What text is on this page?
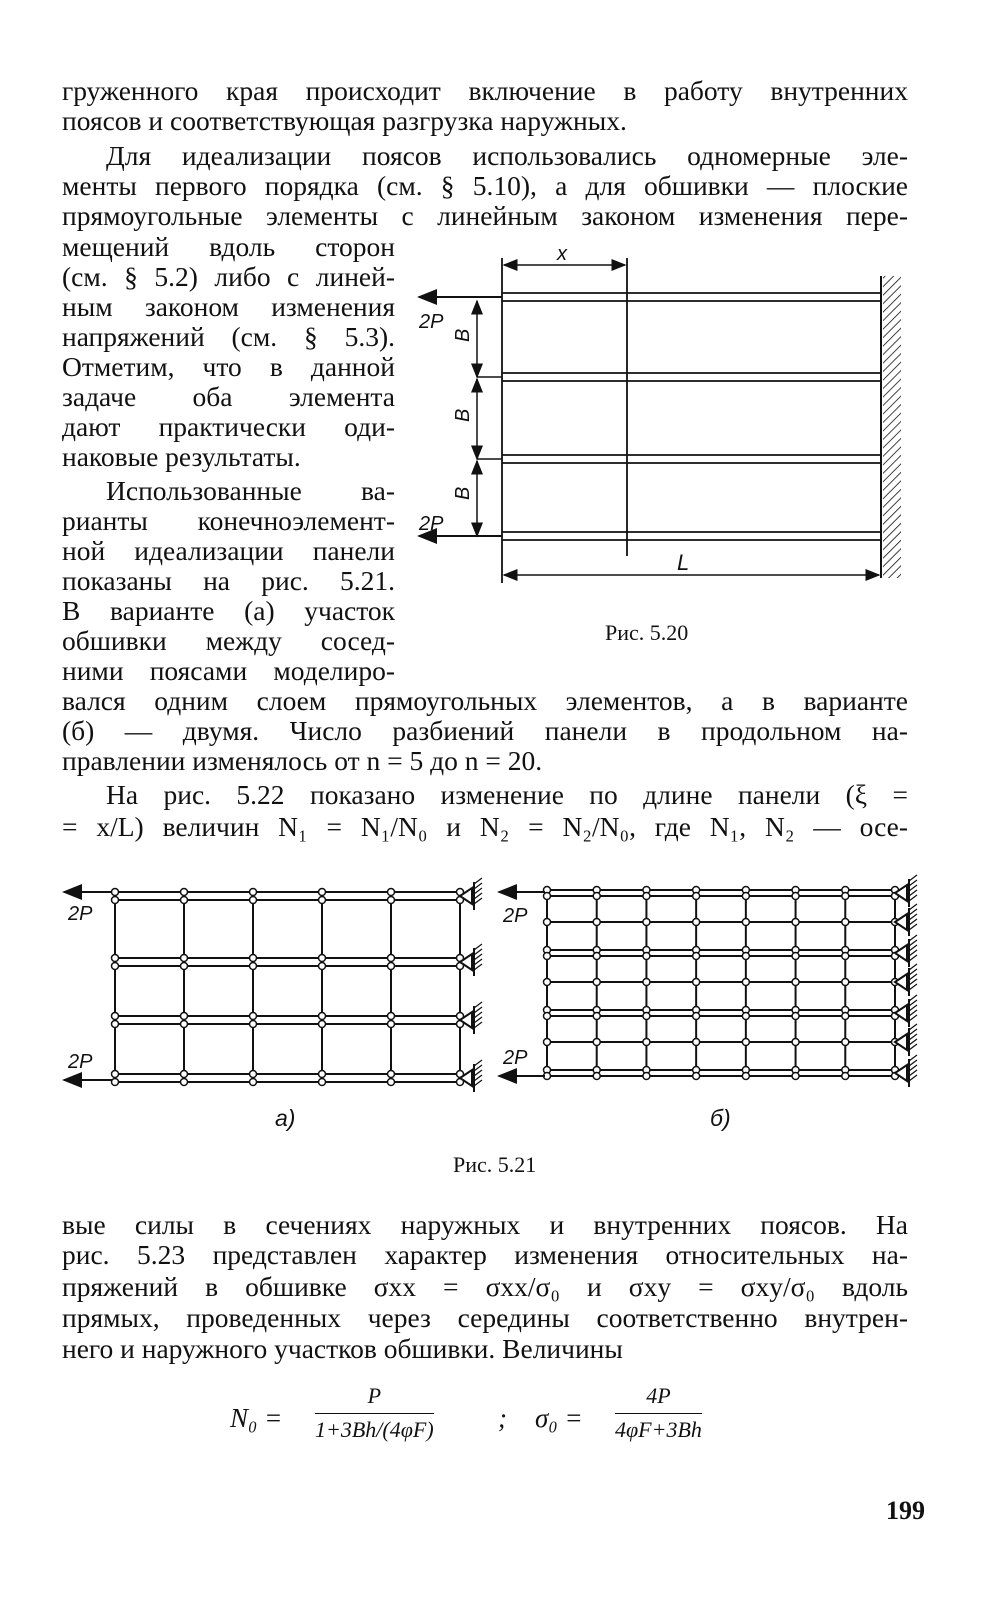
груженного края происходит включение в работу внутренних

поясов и соответствующая разгрузка наружных.

Для идеализации поясов использовались одномерные эле-

менты первого порядка (см. § 5.10), а для обшивки — плоские

прямоугольные элементы с линейным законом изменения пере-

мещений вдоль сторон

(см. § 5.2) либо с линей-

ным законом изменения

напряжений (см. § 5.3).

Отметим, что в данной

задаче оба элемента

дают практически оди-

наковые результаты.

Использованные ва-

рианты конечноэлемент-

ной идеализации панели

показаны на рис. 5.21.

В варианте (а) участок

обшивки между сосед-

ними поясами моделиро-

вался одним слоем прямоугольных элементов, а в варианте

(б) — двумя. Число разбиений панели в продольном на-

правлении изменялось от n = 5 до n = 20.

На рис. 5.22 показано изменение по длине панели (ξ =

= x/L) величин N₁ = N₁/N₀ и N₂ = N₂/N₀, где N₁, N₂ — осе-

вые силы в сечениях наружных и внутренних поясов. На

рис. 5.23 представлен характер изменения относительных на-

пряжений в обшивке σxx = σxx/σ₀ и σxy = σxy/σ₀ вдоль

прямых, проведенных через середины соответственно внутрен-

него и наружного участков обшивки. Величины

x
L
B
B
B
2P
2P
Рис. 5.20
2P
2P
2P
2P
а)	б)
Рис. 5.21
$N_0 = \frac{P}{1+3Bh/(4\varphi F)}$ ; $\sigma_0 = \frac{4P}{4\varphi F+3Bh}$
199
